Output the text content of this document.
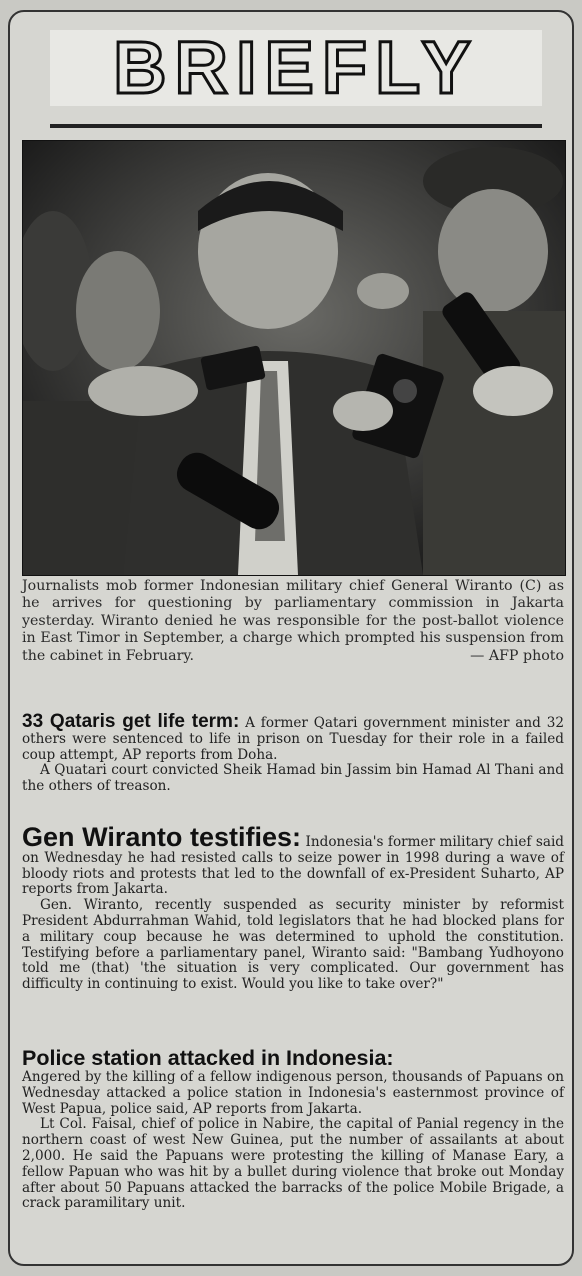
BRIEFLY
Journalists mob former Indonesian military chief General Wiranto (C) as he arrives for questioning by parliamentary commission in Jakarta yesterday. Wiranto denied he was responsible for the post-ballot violence in East Timor in September, a charge which prompted his suspension from the cabinet in February.	— AFP photo

33 Qataris get life term: A former Qatari government minister and 32 others were sentenced to life in prison on Tuesday for their role in a failed coup attempt, AP reports from Doha.

A Quatari court convicted Sheik Hamad bin Jassim bin Hamad Al Thani and the others of treason.

Gen Wiranto testifies: Indonesia's former military chief said on Wednesday he had resisted calls to seize power in 1998 during a wave of bloody riots and protests that led to the downfall of ex-President Suharto, AP reports from Jakarta.

Gen. Wiranto, recently suspended as security minister by reformist President Abdurrahman Wahid, told legislators that he had blocked plans for a military coup because he was determined to uphold the constitution. Testifying before a parliamentary panel, Wiranto said: "Bambang Yudhoyono told me (that) 'the situation is very complicated. Our government has difficulty in continuing to exist. Would you like to take over?"

Police station attacked in Indonesia:

Angered by the killing of a fellow indigenous person, thousands of Papuans on Wednesday attacked a police station in Indonesia's easternmost province of West Papua, police said, AP reports from Jakarta.

Lt Col. Faisal, chief of police in Nabire, the capital of Panial regency in the northern coast of west New Guinea, put the number of assailants at about 2,000. He said the Papuans were protesting the killing of Manase Eary, a fellow Papuan who was hit by a bullet during violence that broke out Monday after about 50 Papuans attacked the barracks of the police Mobile Brigade, a crack paramilitary unit.
